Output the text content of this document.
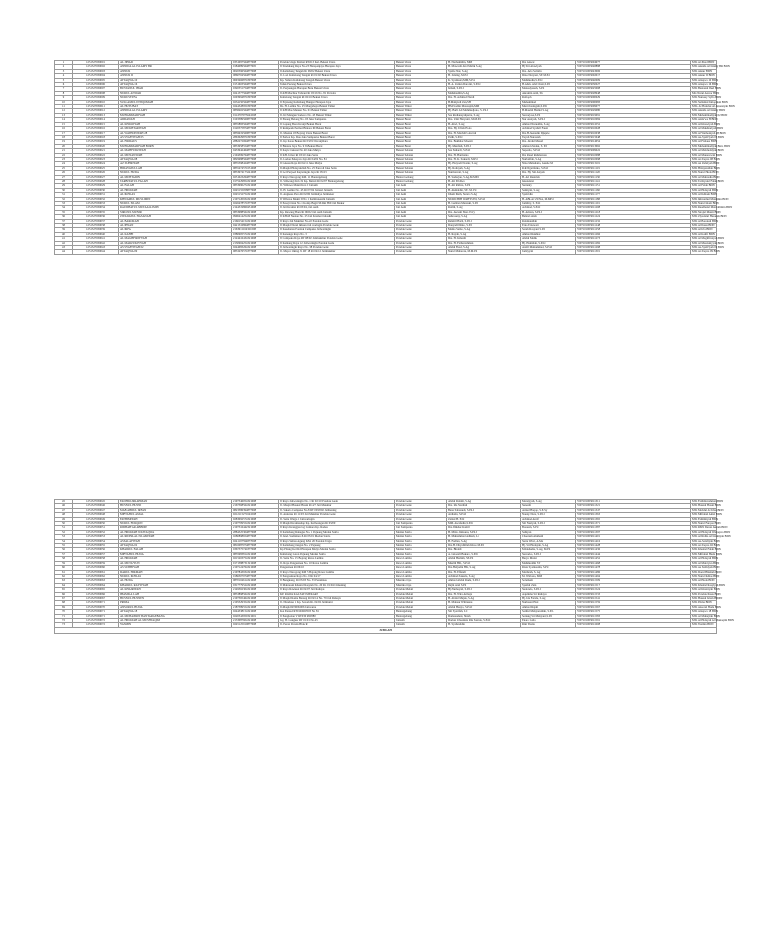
1	1251527030001	AL JIHAD	0331097564877008	Pondok Ungu Permai RT.013 Kel. Bekasi Utara	Bekasi Utara	H. Nurhamidin, MM	Drs Anwar	5507101003004977	MTs Al Jihad BDN	
2	1251527030002	ANNIDA AL ISLAMY BR	0184089564877005	Jl Sindulang Raya No.23 Harapanjaya Harapan Jaya	Bekasi Utara	H. Mawardi Abd Malik S.Ag	Hj Siti Alawiyah	5507101003048888	MTs Annida Al Islamy BR BDN	
3	1251527030003	ANNUR	0020396564877008	Jl.Kaliabang Tengah Rt 09/02 Bekasi Utara	Bekasi Utara	Syafie Nur, S.Ag	Drs. Aris Sobirin	5507101003043006	MTs Annur BDN	
4	1251527030004	ANNUR II	0860704564877008	Jl. Lori Kaliabang Tengah Rt 01/02 Bekasi Utara	Bekasi Utara	H. Jalaing, M.Pd	Dina Nuryani, SE M.Pd	5507101003002017	MTs Annur II BDN	
5	1251527030005	ATTAQWA 10	0693466871807008	Kp. Sidarn Kaliabang Tengah Bekasi Utara	Bekasi Utara	K. Syamsuri,MM,S.Pd.	Mahmudin,S.Pd.I	5507101003040009	MTs Attaqwa 10 BDN	
6	1251527030006	ATTAQWA 16	0151603564877008	Teluk Pucung Bekasi Utara	Bekasi Utara	H. A. Zaitun Daroini, S.Pd.I	H.Ahm. Abd Chair,S.Pd	5507101003030027	MTs Attaqwa 16 BDN	
7	1251527030007	BUSTANUL IHAD	0320551754877008	Jl. Perjuangan Harapan Baru Bekasi Utara	Bekasi Utara	Ismail, S.Pd.I	Manasiyanah, S.Pd	5507101003025008	MTs Bustanul Ihad BDN	
8	1251527030008	NURUL ANWAR	0241577564877008	Jl.KH Muchtar Tabrani Rt 03/16 No. 81 Perwira	Bekasi Utara	Mahshuddin,S.Ag	Akramin Ardi, Sh	5507101003028948	Mts Nurul Anwar BDN	
9	1251527030009	NURUSSYFA	0293994871807008	Kaliabang Tengah Rt 02/16 Bekasi Utara	Bekasi Utara	Drs. H. Achmad Nurdi	Rofiqoh	5507101003000029	MTs Nurussy Syifa BDN	
10	1251527030010	SULLAMUL INTIQOMAH	0234150564877008	Jl Prpisang Kaliabang Bungur Harapan Jaya	Bekasi Utara	H.Mahyudi Zen,SH	Muhammad	5507101003000083	MTs Sullamul Intiqomah BDN	
11	1251527030011	AL HUTUBAT	0244528951807008	Ds. H. Lemba No. 25 Margahayu Bekasi Timur	Bekasi Timur	HM.Sodiin Mustaqim,MM	Murti Isningsih,S.Pdi	5507101003009077	MTs. Al Hutubat Al Abuzaiyah BDN	
12	1251527030012	ANNIDA AL ISLAMY	0838402564877008	Jl KH Mas Mansur No. 01 Bekasi Timur	Bekasi Timur	Hj. Barli Ali Mahmudjono, S. Pd.I	H.Maulid Hamid S.Ag	5507101003029080	MTs Annida Al Islamy BDN	
13	1251527030013	MUHAMMADIYAH	0114797075641008	Jl. KI Mangun Sarkoro No. 45 Bekasi Timur	Bekasi Timur	Sas Radiansyahputra, S.Ag	Suwarjosa,S.Pd	5507101003019091	MTs Muhammadiyah 02 BDN	
14	1251527030014	ADDAWAH	0193389560877008	Jl Pisang Belong No. 03 Jaka Sampurna	Bekasi Barat	Dra. Umi Haryanti, M.M.Pd	Nur Assiyah, S.Pd.I	5507101003010084	MTs Adda'wa H BDN	
15	1251527030015	AL KHAWIYAH	0835883564877008	Jl Lapang Baru Kranji Bekasi Barat	Bekasi Barat	H. Alwi, S.Ag	Ahmad Nuruddin, S.Ag	5507101003011052	MTs Al Khawiyah BDN	
16	1251527030016	AL MUKHTARIYAH	0120375874877008	Jl Rempeuh Permai Bintara III Bekasi Barat	Bekasi Barat	Dra. Hj. Ufiah H.As	Achmad Syahril Fauzi	5507101003016028	MTs Al Mukhtariyah BDN	
17	1251527030017	AL WATHONIYAH 28	0859919560877008	Jl. Maulan 18 Bojong Utara Bekasi Barat	Bekasi Barat	Drs. H. Machdi's Ancrul	Drs.H.Jaenudin Djuprie	5507101003016038	MTs Al Wathoniyah 28 BDN	
18	1251527030018	AS SYAFI'IYAH 05	2863029871807008	Jl Perkot Kp. Dua Jaka Sampurna Bekasi Barat	Bekasi Barat	Patih, S.Pd.I	Tuyah Nurasiah	5507101003015048	MTs As-Syafi'iyah 05 BDN	
19	1251527030019	AL FIRDAUS	2882272064877008	Jl. Kp Kaou Bekasi Rt 03/013 Kranjibara	Bekasi Barat	Drs. Bakhtiar Moenir	Drs. Abdul Manaf	5507101003014054	MTs Al Firdaus BDN	
20	1251527030020	MUHAMMADIYAH BORN	0833958554877008	Jl Bintara Jaya No. 9 Jl.Bekasi Barat	Bekasi Barat	Hj. Munfiah, S.Pd.I	Ahmad Zaidan, S. Pd	5507101003013062	MTs Muhammadiyah Bntr. BDN	
21	1251527030021	AL MAHFUDZIYAH	0433942464877008	Jl Kayu Cukaret No 40 Jaka Mulya	Bekasi Selatan	Sas Suhardi, S.Pd.I	Supardo, S.Pd.I	5507101003009022	MTs Al Mahfudziyah BDN	
22	1251527030022	AL MUNAWWAH	2194399764877008	Jl KH. Umar Rt 03/10 Jaka Setia	Bekasi Selatan	Drs. H. Harmanto	Drs Ruad Rahmawan	5507101003010088	MTs Al Munawwah BDN	
23	1251527030023	ATTAQWA 08	0829988564877008	Jl. Ludon Pekayon Jaya Rt 04/02 No. 81	Bekasi Selatan	Drs. H. K. Sukardi, M.Pd	Nurlatifah, S.Ag	5507101003010098	MTs At-Taqwa 08 BDN	
24	1251527030024	AZ ZUHRIYAH	0835598424877008	Jl Gisaan Raya Rt 04/11 Jaka Mulya	Bekasi Selatan	Hj. Haryadi Nosnir, S.Ag	Nina Mahshatia, Gunde M	5507101003013101	MTs Az Zuhriyah BDN	
25	1251527030025	HIDAYATULLAH	0835474571651008	Jl.Masjid Hidayatullah No. 25 Pancoil Jaka Setia	Bekasi Selatan	Hj. Rohayah, S.Ag	R.R.Ngatifaiko, S.Pd.I	5507101003011119	MTs Hidayatullah BDN	
26	1251527030026	NURUL HUDA	0833974173241008	Jl Lel Perjoed Kayuringin Jaya Rt 05/23	Bekasi Selatan	Nurmawati, S.Ag	Drs. Hj. Siti Aisyah	5507101003011120	MTs Nurul Huda BDN	
27	1251527030027	AL MUHTADIN	0251023264877008	Jl Raya Narogong KM. 11 Bantargebang	Bantar Gebang	H. Sudarjan, S.Ag,M.MPd	H. Ari Rustriah	5507101003011130	MTs Al Muhtadin BDN	
28	1251527030028	TARBIYATUL FALAH	0175229854321008	Jl. Siliwangi Km 19 Kp. Melati Rt 02/07 Bantargebang	Bantar Gebang	H. Ali Pridiwo	Iskandarsi	5507101003011141	MTs Tarbiyatul Falah BDN	
29	1251527030029	AL FALAH	0833990274321008	Jl. Wibawa Mukti Kav. I Jatiasih	Jati Asih	H. Ali Ridwa, S.Pd	Surianty	5507101003011151	MTs Al Falah BDN	
30	1251527030030	AL HIDAYAH	0245155058877008	Jl. H. Gemin No. 45 Rt 07/04 Jatisari Jatiasih	Jati Asih	H. Akmaldin, SE. M. Pd	Samiyah, S.Ag	5507101003011160	MTs Al Hidayah BDN	
31	1251527030031	AL IKHLAS	0245152754321008	Jl. Angkasa Pura Rt 02/06 Jatimulya Jatimekar	Jati Asih	Irham Ihsih, Surato S.Ag	Syafridin	5507101003011177	MTs Al Ikhlash BDN	
32	1251527030032	KHWAMUL MUSLIMIN	2197120934321008	Jl Wibawa Mukti II No 1 Kalimokasmi Jatiasih	Jati Asih	NURICHIH WAHYUNI, S.Pd.I	H. ABLAJ ZUNA, M.MPd	5507101003011188	MTs Ikhwamul Muslimin BDN	
33	1251527030033	NURUL ISLAM	0226478571877008	Jl Pesaji Jalan No 1 Komp Bugit 96 Rkt Hill Jati Mekar	Jati Asih	H. Gulirun Marzuki, S.Pd	Jamility, S. Pd.I	5507101003011191	MTs Nurul Islam BDN	
34	1251527030034	RAUDHATUL MUTAALLIMIN	2144519869451008	Jl Jati Kramat Rt 03/04, Jati Asih	Jati Asih	Roilih, S.Ag	Achmad, S.Pd.I	5507101003011208	MTs Raudhatul Muta'allimin BDN	
35	1251527030035	SIROJUL MUNIR	0833988564321008	Kp. Rawang Baru Rt 06/02 Jati Asih Jatiasih	Jati Asih	Drs. Awsam Sher. Evry	H. Amran, S.Pd.I	5507101003011218	MTs Sirojul Munir BDN	
36	1251527030036	ZIYADATUL HASANAH	0996414254321008	Jl KH.M Nesian No. 25 Jati Kramat Jatiasih	Jati Asih	Sahroseny, S.Ag	Bahrul aziah	5507101003011224	MTs Ziyadatul Hasanah BDN	
37	1251527030037	AL BAROKAH	2166154154321008	Jl Raya Jati Makmur No.22 Pondok Gede	Pondok Gede	Rahmil Harli, S.Pd.I	Rohmatullah	5507101003011232	MTs Al Barokah BDN	
38	1251527030038	AL IHSAN	0421516864877008	Jl Masjid Nurul Ikhsan Jati waringin Pondok Gede	Pondok Gede	Danyadil Riko, S.Pd	Erna Ernawati	5507101003011248	MTs Al Ihsan BDN	
39	1251527030039	AL IRFA	2163911164321008	Jl Kesehatan Pondok Cempaka Jatiwaringin	Pondok Gede	Mamo Samo, S.Ag	Sarah Rosyani S.Pd	5507101003011258	MTs Al Irfa BDN	
40	1251527030040	AL KAHFI	0380905574321008	Jl Kenanga Raya No. 3	Pondok Gede	H. Rayah, S.Ag	Ahmad Rukhiat	5507101003011266	MTs Al Kahfi BDN	
41	1251527030041	AL MAGHFIRIYYAH	2124416434321008	Jl Cempaka Raya RT 08/02 Jatimakmur Pondok Gede	Pondok Gede	Drs. H. Ismardi	Abdul Malik	5507101003011273	MTs Al Maghfiroiyah BDN	
42	1251527030042	AL MARZUKIYYAH	2130904254321008	Jl Kemang Raya 12 Jatiwaringin Pondok Gede	Pondok Gede	Drs. H. Fathurrahman	Hj. Hamidah, S.Pd.I	5507101003011282	MTs Al Marzukiyyah BDN	
43	1251527030043	AS SYAFI'IYAH 02	0244083264321008	Jl Jatiwaringin Raya No. 38 Pondok Gede	Pondok Gede	Abdul Fuad, S.Ag	Arafil Muhammad, S.Pd.I	5507101003011298	MTs As-Syafi'iyah 02 BDN	
44	1251527030044	ATTAQWA 09	0833476571877008	Jl. Mayor Oking Jl. RT 18 Rt 04/12 Jatimakmur	Pondok Gede	Nurul Mubarok, M.M.Pd	Jamiyyah	5507101003011301	MTs At-Taqwa 09 BDN	
45	1251527030045	FADHILURRAHMAN	2197546054321008	Jl Raya Jatiwaringin No. 1 Rt 02/10 Pondok Gede	Pondok Gede	Abdul Rohim, S.Ag	Marsiyyah, S.Ag	5507101003011311	MTs Fadhilurrahman BDN	
46	1251527030046	HUSNUL HUSNI	2167568564321008	Jl. Masjid Husnul Husni Rt 4/7 Jati Makmur	Pondok Gede	Drs. Ida Siarifah	Sunardi	5507101003011321	MTs Husnul Husni BDN	
47	1251527030047	MAB ABDUL IRFAN	0823386394877008	Jl. Sukalo Cempaka No.8 RT 003/002 Jatibening	Pondok Gede	Bana Sabanudi, S.Pd.I	Arinul Haqqo, S.E.Sy	5507101003011347	MTs Mabdul Al Irfan BDN	
48	1251527030048	MIFTAHUL AMAL	0212115271641008	Jl. Anturias Rt 11/03 Jati Makmur Pondok Gede	Pondok Gede	Ardiatin, S.Pd.I	Nanny Nurs, S.Pd.I	5507101003011363	MTs Miftahul Amal BDN	
49	1251527030049	FATHIMIYAH	0283092574321008	Jl. Setia Warga 1 Jatiwaringin	Pondok Gede	Zainal H. Pd.I	Achmad Anrif	5507101003011365	MTs Fathimiyah BDN	
50	1251527030050	NURUL FURQON	2197709554321008	Jl Masjid Kramandap Kp. Kaliwangan Rt 03/09	Jati Sampurna	MM. Awafudin,S.Pdi	Siti Nuriyah, S.Pd.I	5507101003011371	MTs Nurul Furqon BDN	
51	1251527030051	RIDHAH'AR ABBDIE	2197516442321008	Jl Raya Kranggan Gg Cemara Kp. Radeu	Jati Sampurna	Drs.Iftikhar Kamil	Bonasm, S.Pd	5507101003011387	MTs RMS Darun Akram BDN	
52	1251527030052	AL HIDAYAH WATTAQWA	2884525304877008	Jl Kaliabang Rahagus No. 1 Pejuang Medan Satria	Medan Satria	H. Mido. Ikhsanu, S.Pd.I	Sahiyan	5507101003011397	MTs Al Hidayah Wattaqwa BDN	
53	1251527030053	AL RIDHA AL ISLAMIYAH	0280898654877008	Jl Jend. Sudirman Jl.Rt 03/01 Medan Satria	Medan Satria	H. Muhammad Adham, Lc	Chaerum Ahnhadi	5507101003011401	MTs Al Ridha Al Islamiyah BDN	
54	1251527030054	ASSALAFIYAH	0241197594877008	Jl Raya Sultan Agung KM. 26 Pondok Ungu	Medan Satria	H. Fudlan, S.Ag	Suria Wiwi, A.Ma	5507101003011416	MTs As-Salafiyah BDN	
55	1251527030055	ATTAQWA 02	0816087074877008	Jl Kaliabang Jangan No. 2 Pejuang	Medan Satria	Drs.H. Dhyafiillah Khoo M.Pd	Hj. Sri Hudayah, S.Ag	5507101003011428	MTs At-Taqwa 02 BDN	
56	1251527030056	KHAIRUL FALAH	0367575741877008	Kp Pilang Kel Rd Harapan Mulya Medan Satria	Medan Satria	Drs. Bhohli	M.Iskhadie, S.Ag, M.Pd	5507101003011436	MTs Khairul Falah BDN	
57	1251527030057	MIFTAHUL HUDA	0835983814321008	Kaliabang Laton Pejuang Medan Satria	Medan Satria	A. Ghozali Bukaro, S.Pdi	Suwarko, S.Pd.I	5507101003011444	MTs Miftahul Huda BDN	
58	1251527030058	AL HIDAYAH	0215203754321008	Jl. Setia No. 15 Bojong Rawa Lumbu	Rawa Lumbu	Abdul Hamim, SE.Pd	Baryo Mulai	5507101003011452	MTs Al Hidayah BDN	
59	1251527030059	AL MUTA'YUN	0171588731321008	Jl. Raya Pengasinan No. 10 Rawa Lumbu	Rawa Lumbu	Muslih HR., S.Pd.I	Mahmuddin ST	5507101003011468	MTs Al Muta'yun BDN	
60	1251527030060	AS SUBHIYAH	2197124764321008	Pengasinan Rt 06/10	Rawa Lumbu	Drs.Hafjudin HK, S.Ag	Rista Syamsudin, S.Pd	5507101003011478	MTs As Subhiyah BDN	
61	1251527030061	DARUL HIKMAH	2197843934321008	Jl Raya Narogong KM 5 Bojong Rawa Lumbu	Rawa Lumbu	Drs. H. Effendi	Marlizah, S. Ag	5507101003011486	MTs Darul Hikmah BDN	
62	1251527030062	NURUL IKHLAS	0186307974877008	Jl Pengasinan Raya No. 9 Rt 04/17	Rawa Lumbu	Achmad Zakaria, S.Ag	M. Wiriono, MM	5507101003011494	MTs Nurul Ikhlas BDN	
63	1251527030063	AL HUDA	0870104614321008	Jl Bungkang, Rt 03/03 No. 33 Perumnas	Mustika Jaya	Ahmad Abdul Ruzk, S.Pd.I	Solemam	5507101003011509	MTs Al Huda BDN	
64	1251527030064	KHAIRUL RASYIYAH	0317779524321008	Jl Mahrasah Khairul Rasyiah No. 20 Rt. 01/04 Cimuning	Mustika Jaya	Rajm Arul S.Pd	Syaiful Zain	5507101003011517	MTs Khairul Rasyiyah BDN	
65	1251527030065	AL KHAIRIYAH	2149562304321008	Jl Raya Rawkasi Rt 02/07 Jati Rahayu	Pondok Melati	Hj.Nurhayati, S.Pd.I	Sudondo, S.Pd.I	5507101003011524	MTs Al Khairiyah BDN	
66	1251527030066	IHAMILA LAH	0833898564321008	KP. RAWA KALI'ATI MEKARJ	Pondok Melati	Drs. H. Wira Armaja	Aqumma Sri Rahayu	5507101003011533	MTs Pondok Ihaus BDN	
67	1251527030067	HUSNUL HUSNEN	2197565464321008	Jl Masjid Rama Barang Rt 02/14 No. 79 Jati Rahayu	Pondok Melati	H. Abdul Majak, S.Ag	Hj. Ida Farida, S.Ag	5507101003011541	MTs Husnul Islam HIDIN	
68	1251527030071	PRIMA	2195329354321008	Jl. Nirudusa 1 Kp. Sawah Rt. 02/02 Jatimurni	Pondok Melati	H. Mahsur Whitusnu	Nurhasni Hart	5507101003011559	MTs Prima BDN	
69	1251527030070	ANSORUL HUDA	2187589554321008	Jl.Masjid RT006/006 Jatiwarna	Pondok Melati	Abdul Hanyo, S.Pd.I	Ahmad Rajali	5507101003011567	MTs Ansorul Huda BDN	
70	1251527030071	ATTAQWA 18	0244338154321008	KA Parnad RT010/RW003 No 81	Bantargebang	Siti Syarifah, LC	Saiiful Mahyarudinh, S.Pd.	5507101003011575	MTs Attaqwa 18 BDN	
71	1251527030071	AL MUHAJIRIN BANTARGEBANG	0220543950321001	Jl Pengkolan V RT030 RW080	Bantargebang	Damasudeni, Shiah	Setiang Sri Mahyani,S.Pd	5507101003011583	MTs Al Muhajirin BDN	
72	1251527030072	AL HIDAYAH AL MUSHTAQIM	2133087604321008	Gg. H. Lungkar RT 01/01 No.45	Jatiasih	Dariun Ichsanisis Riu Santok, S.Pd.I	Enaro Laila	5507101003011591	MTs Al Hidayah Al Mustaqim BDN	
73	1251527030072	YASMIN	0245125910877008	Jl. Peron Persda Blok R	Jatiasih	H. Syahruddin	Rini Yusita	5507101003011608	MTs Yasmin BDN	
JUMLAH	
